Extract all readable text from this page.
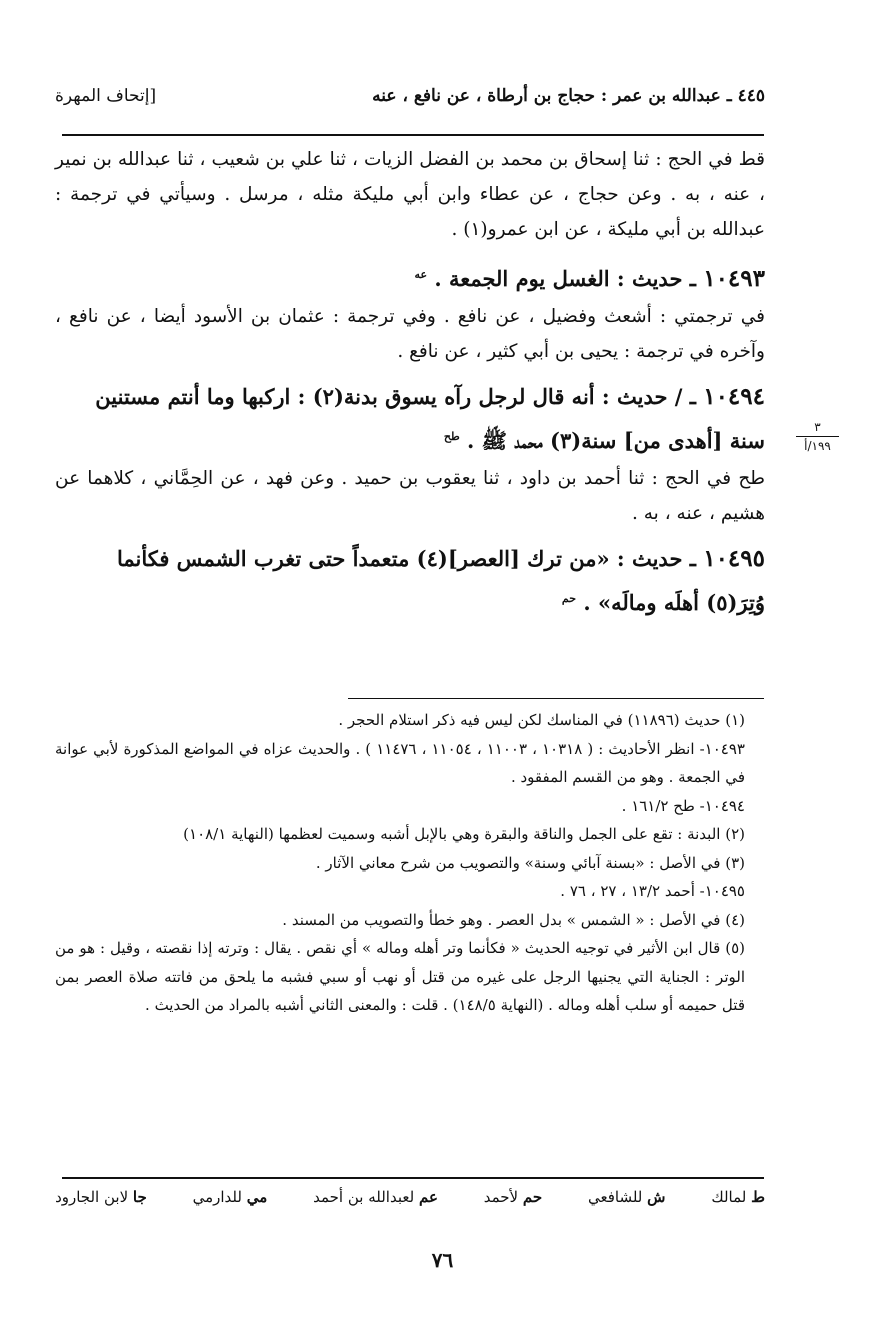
٤٤٥ ـ عبدالله بن عمر : حجاج بن أرطاة ، عن نافع ، عنه
[إتحاف المهرة

قط في الحج : ثنا إسحاق بن محمد بن الفضل الزيات ، ثنا علي بن شعيب ، ثنا عبدالله بن نمير ، عنه ، به . وعن حجاج ، عن عطاء وابن أبي مليكة مثله ، مرسل . وسيأتي في ترجمة : عبدالله بن أبي مليكة ، عن ابن عمرو(١) .

١٠٤٩٣ ـ حديث : الغسل يوم الجمعة . $^{عه}$

في ترجمتي : أشعث وفضيل ، عن نافع . وفي ترجمة : عثمان بن الأسود أيضا ، عن نافع ، وآخره في ترجمة : يحيى بن أبي كثير ، عن نافع .

١٠٤٩٤ ـ / حديث : أنه قال لرجل رآه يسوق بدنة(٢) : اركبها وما أنتم مستنين سنة [أهدى من] سنة(٣) محمد ﷺ . $^{طح}$

طح في الحج : ثنا أحمد بن داود ، ثنا يعقوب بن حميد . وعن فهد ، عن الحِمَّاني ، كلاهما عن هشيم ، عنه ، به .

١٠٤٩٥ ـ حديث : «من ترك [العصر](٤) متعمداً حتى تغرب الشمس فكأنما وُتِرَ(٥) أهلَه ومالَه» . $^{حم}$

٣
١٩٩/أ

(١) حديث (١١٨٩٦) في المناسك لكن ليس فيه ذكر استلام الحجر .

١٠٤٩٣- انظر الأحاديث : ( ١٠٣١٨ ، ١١٠٠٣ ، ١١٠٥٤ ، ١١٤٧٦ ) . والحديث عزاه في المواضع المذكورة لأبي عوانة في الجمعة . وهو من القسم المفقود .

١٠٤٩٤- طح ١٦١/٢ .

(٢) البدنة : تقع على الجمل والناقة والبقرة وهي بالإبل أشبه وسميت لعظمها (النهاية ١٠٨/١)

(٣) في الأصل : «بسنة آبائي وسنة» والتصويب من شرح معاني الآثار .

١٠٤٩٥- أحمد ١٣/٢ ، ٢٧ ، ٧٦ .

(٤) في الأصل : « الشمس » بدل العصر . وهو خطأ والتصويب من المسند .

(٥) قال ابن الأثير في توجيه الحديث « فكأنما وتر أهله وماله » أي نقص . يقال : وترته إذا نقصته ، وقيل : هو من الوتر : الجناية التي يجنيها الرجل على غيره من قتل أو نهب أو سبي فشبه ما يلحق من فاتته صلاة العصر بمن قتل حميمه أو سلب أهله وماله . (النهاية ١٤٨/٥) . قلت : والمعنى الثاني أشبه بالمراد من الحديث .

ط لمالك
ش للشافعي
حم لأحمد
عم لعبدالله بن أحمد
مي للدارمي
جا لابن الجارود
٧٦
